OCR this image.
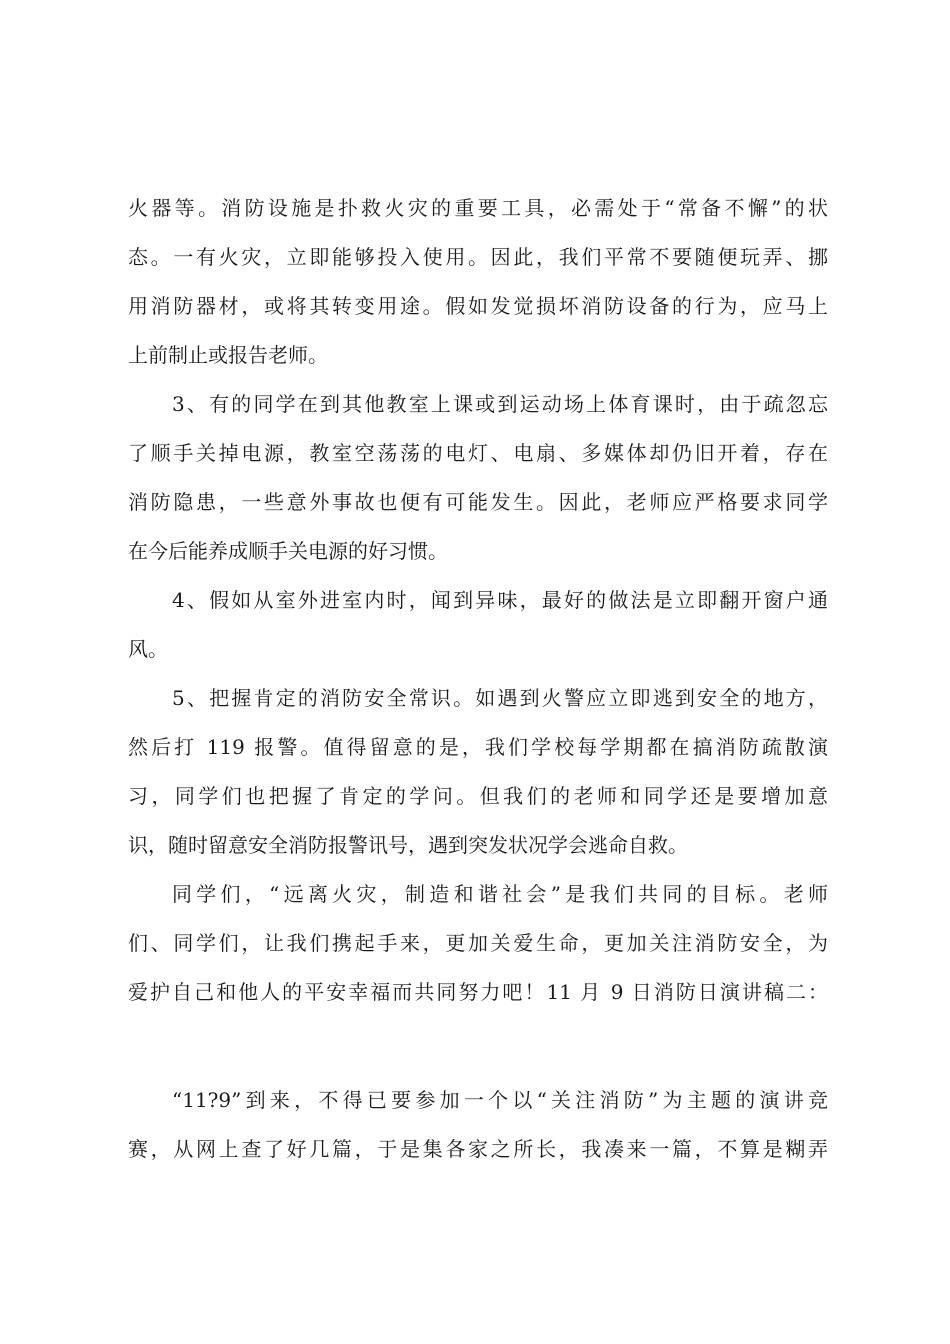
火器等。消防设施是扑救火灾的重要工具，必需处于“常备不懈”的状
态。一有火灾，立即能够投入使用。因此，我们平常不要随便玩弄、挪
用消防器材，或将其转变用途。假如发觉损坏消防设备的行为，应马上
上前制止或报告老师。
3、有的同学在到其他教室上课或到运动场上体育课时，由于疏忽忘
了顺手关掉电源，教室空荡荡的电灯、电扇、多媒体却仍旧开着，存在
消防隐患，一些意外事故也便有可能发生。因此，老师应严格要求同学
在今后能养成顺手关电源的好习惯。
4、假如从室外进室内时，闻到异味，最好的做法是立即翻开窗户通
风。
5、把握肯定的消防安全常识。如遇到火警应立即逃到安全的地方，
然后打 119 报警。值得留意的是，我们学校每学期都在搞消防疏散演
习，同学们也把握了肯定的学问。但我们的老师和同学还是要增加意
识，随时留意安全消防报警讯号，遇到突发状况学会逃命自救。
同学们，“远离火灾，制造和谐社会”是我们共同的目标。老师
们、同学们，让我们携起手来，更加关爱生命，更加关注消防安全，为
爱护自己和他人的平安幸福而共同努力吧！11 月 9 日消防日演讲稿二：
“11?9”到来，不得已要参加一个以“关注消防”为主题的演讲竞
赛，从网上查了好几篇，于是集各家之所长，我凑来一篇，不算是糊弄
